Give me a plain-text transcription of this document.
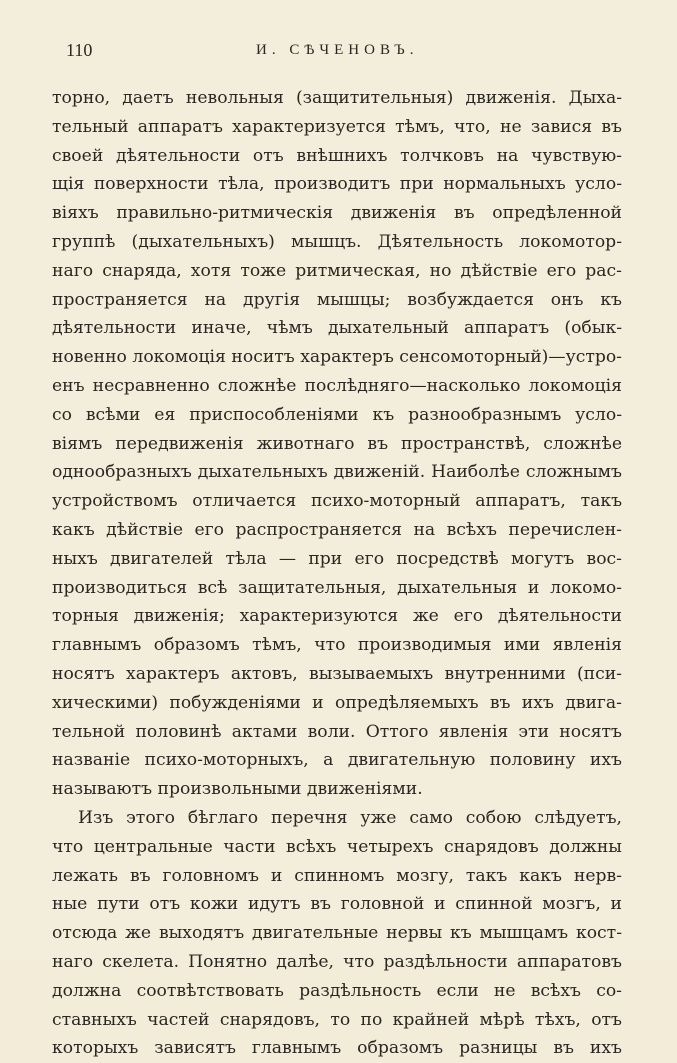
110	И. СѢЧЕНОВЪ.
торно, даетъ невольныя (защитительныя) движенія. Дыха-
тельный аппаратъ характеризуется тѣмъ, что, не завися въ
своей дѣятельности отъ внѣшнихъ толчковъ на чувствую-
щія поверхности тѣла, производитъ при нормальныхъ усло-
віяхъ правильно-ритмическія движенія въ опредѣленной
группѣ (дыхательныхъ) мышцъ. Дѣятельность локомотор-
наго снаряда, хотя тоже ритмическая, но дѣйствіе его рас-
пространяется на другія мышцы; возбуждается онъ къ
дѣятельности иначе, чѣмъ дыхательный аппаратъ (обык-
новенно локомоція носитъ характеръ сенсомоторный)—устро-
енъ несравненно сложнѣе послѣдняго—насколько локомоція
со всѣми ея приспособленіями къ разнообразнымъ усло-
віямъ передвиженія животнаго въ пространствѣ, сложнѣе
однообразныхъ дыхательныхъ движеній. Наиболѣе сложнымъ
устройствомъ отличается психо-моторный аппаратъ, такъ
какъ дѣйствіе его распространяется на всѣхъ перечислен-
ныхъ двигателей тѣла — при его посредствѣ могутъ вос-
производиться всѣ защитательныя, дыхательныя и локомо-
торныя движенія; характеризуются же его дѣятельности
главнымъ образомъ тѣмъ, что производимыя ими явленія
носятъ характеръ актовъ, вызываемыхъ внутренними (пси-
хическими) побужденіями и опредѣляемыхъ въ ихъ двига-
тельной половинѣ актами воли. Оттого явленія эти носятъ
названіе психо-моторныхъ, а двигательную половину ихъ
называютъ произвольными движеніями.
Изъ этого бѣглаго перечня уже само собою слѣдуетъ,
что центральные части всѣхъ четырехъ снарядовъ должны
лежать въ головномъ и спинномъ мозгу, такъ какъ нерв-
ные пути отъ кожи идутъ въ головной и спинной мозгъ, и
отсюда же выходятъ двигательные нервы къ мышцамъ кост-
наго скелета. Понятно далѣе, что раздѣльности аппаратовъ
должна соотвѣтствовать раздѣльность если не всѣхъ со-
ставныхъ частей снарядовъ, то по крайней мѣрѣ тѣхъ, отъ
которыхъ зависятъ главнымъ образомъ разницы въ ихъ
